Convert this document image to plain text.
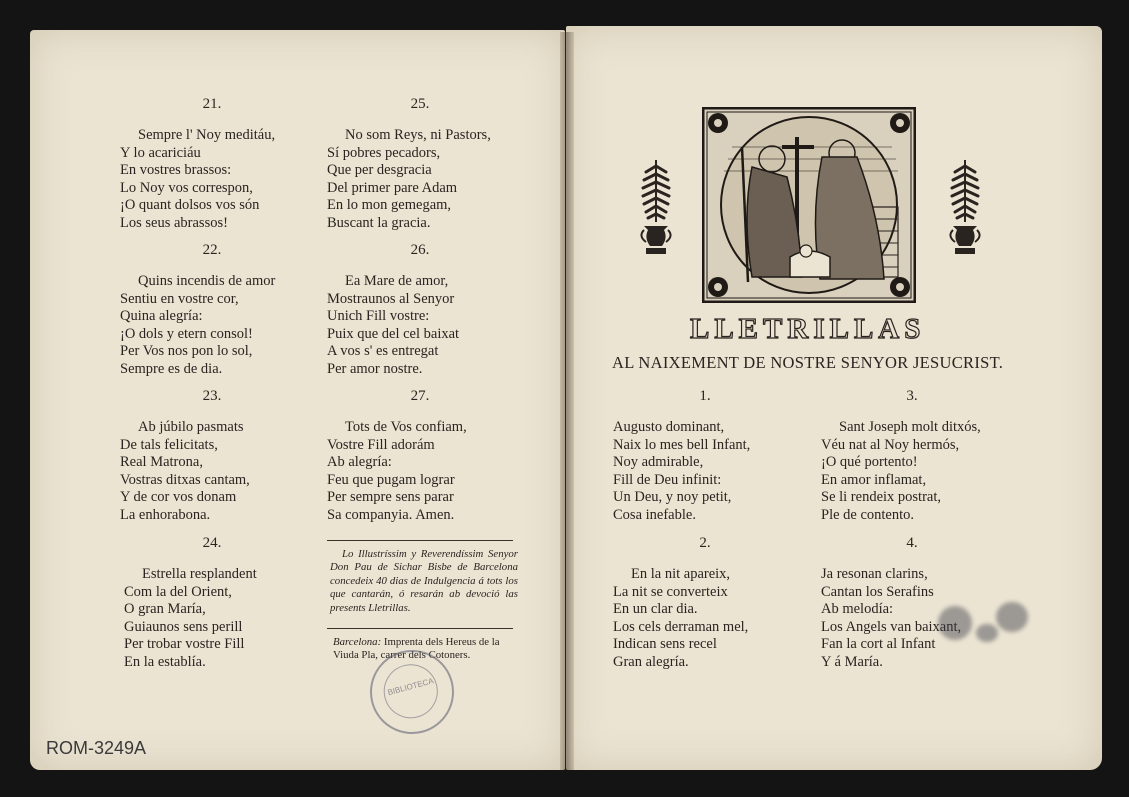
21.
Sempre l' Noy meditáu,
Y lo acariciáu
En vostres brassos:
Lo Noy vos correspon,
¡O quant dolsos vos són
Los seus abrassos!
22.
Quins incendis de amor
Sentiu en vostre cor,
Quina alegría:
¡O dols y etern consol!
Per Vos nos pon lo sol,
Sempre es de dia.
23.
Ab júbilo pasmats
De tals felicitats,
Real Matrona,
Vostras ditxas cantam,
Y de cor vos donam
La enhorabona.
24.
Estrella resplandent
Com la del Orient,
O gran María,
Guiaunos sens perill
Per trobar vostre Fill
En la establía.
25.
No som Reys, ni Pastors,
Sí pobres pecadors,
Que per desgracia
Del primer pare Adam
En lo mon gemegam,
Buscant la gracia.
26.
Ea Mare de amor,
Mostraunos al Senyor
Unich Fill vostre:
Puix que del cel baixat
A vos s' es entregat
Per amor nostre.
27.
Tots de Vos confiam,
Vostre Fill adorám
Ab alegría:
Feu que pugam lograr
Per sempre sens parar
Sa companyia. Amen.
Lo Illustríssim y Reverendíssim Senyor Don Pau de Sichar Bisbe de Barcelona concedeix 40 dias de Indulgencia á tots los que cantarán, ó resarán ab devoció las presents Lletrillas.
Barcelona: Imprenta dels Hereus de la Viuda Pla, carrer dels Cotoners.
BIBLIOTECA
ROM-3249A
LLETRILLAS
AL NAIXEMENT DE NOSTRE SENYOR JESUCRIST.
1.
Augusto dominant,
Naix lo mes bell Infant,
Noy admirable,
Fill de Deu infinit:
Un Deu, y noy petit,
Cosa inefable.
2.
En la nit apareix,
La nit se converteix
En un clar dia.
Los cels derraman mel,
Indican sens recel
Gran alegría.
3.
Sant Joseph molt ditxós,
Véu nat al Noy hermós,
¡O qué portento!
En amor inflamat,
Se li rendeix postrat,
Ple de contento.
4.
Ja resonan clarins,
Cantan los Serafins
Ab melodía:
Los Angels van baixant,
Fan la cort al Infant
Y á María.
